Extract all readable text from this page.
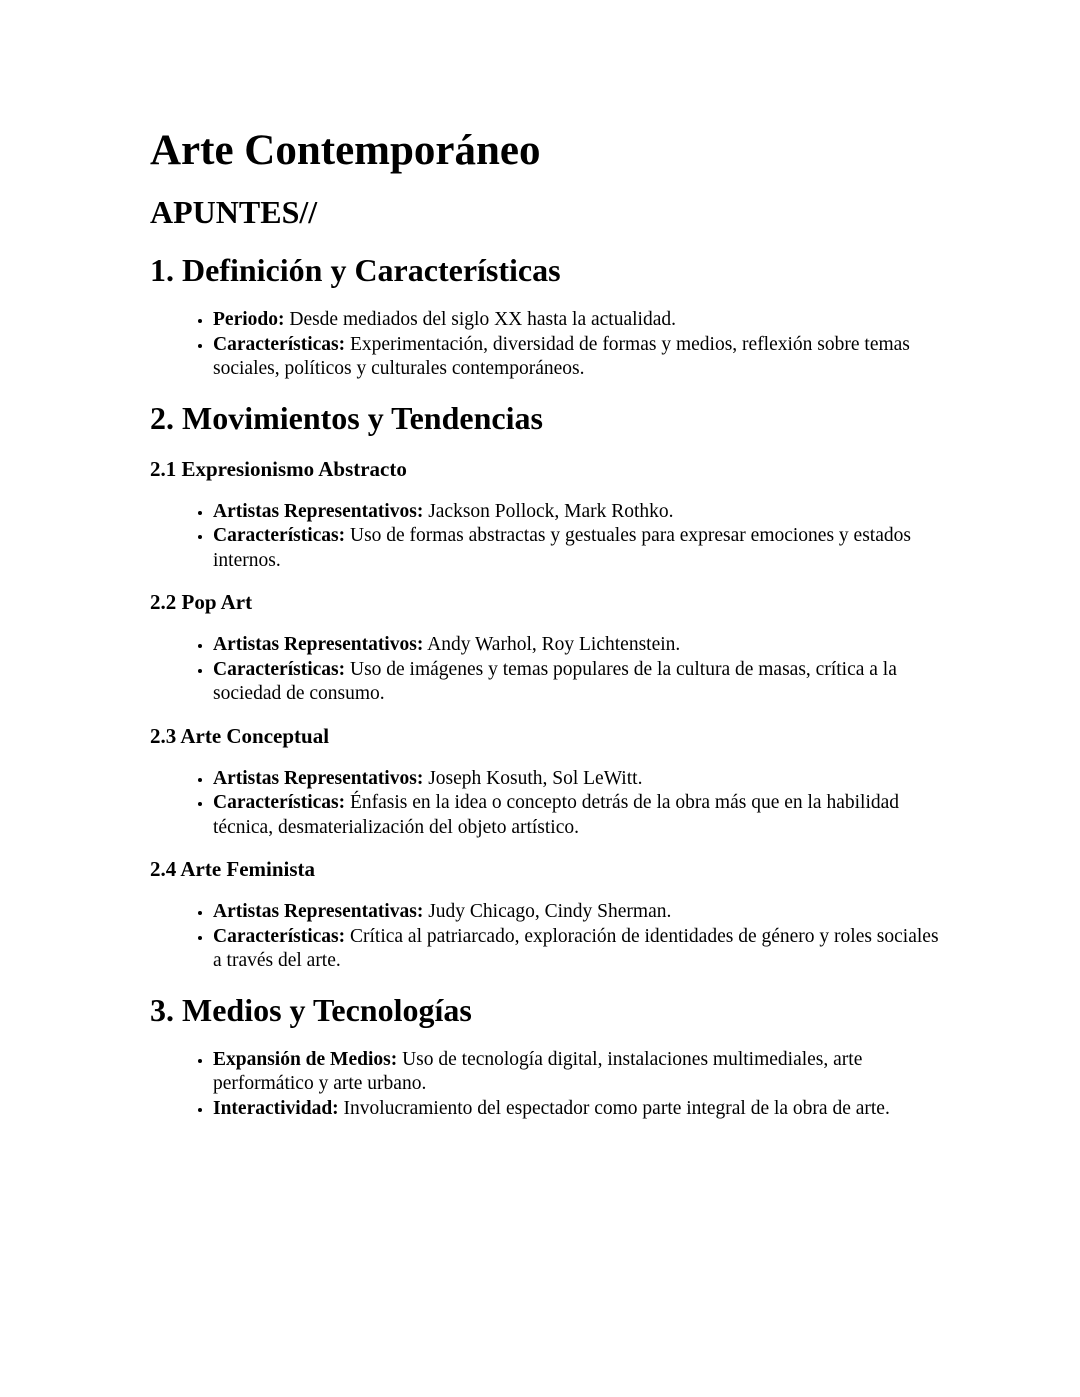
Arte Contemporáneo
APUNTES//
1. Definición y Características
• Periodo: Desde mediados del siglo XX hasta la actualidad.
• Características: Experimentación, diversidad de formas y medios, reflexión sobre temas sociales, políticos y culturales contemporáneos.
2. Movimientos y Tendencias
2.1 Expresionismo Abstracto
• Artistas Representativos: Jackson Pollock, Mark Rothko.
• Características: Uso de formas abstractas y gestuales para expresar emociones y estados internos.
2.2 Pop Art
• Artistas Representativos: Andy Warhol, Roy Lichtenstein.
• Características: Uso de imágenes y temas populares de la cultura de masas, crítica a la sociedad de consumo.
2.3 Arte Conceptual
• Artistas Representativos: Joseph Kosuth, Sol LeWitt.
• Características: Énfasis en la idea o concepto detrás de la obra más que en la habilidad técnica, desmaterialización del objeto artístico.
2.4 Arte Feminista
• Artistas Representativas: Judy Chicago, Cindy Sherman.
• Características: Crítica al patriarcado, exploración de identidades de género y roles sociales a través del arte.
3. Medios y Tecnologías
• Expansión de Medios: Uso de tecnología digital, instalaciones multimediales, arte performático y arte urbano.
• Interactividad: Involucramiento del espectador como parte integral de la obra de arte.
